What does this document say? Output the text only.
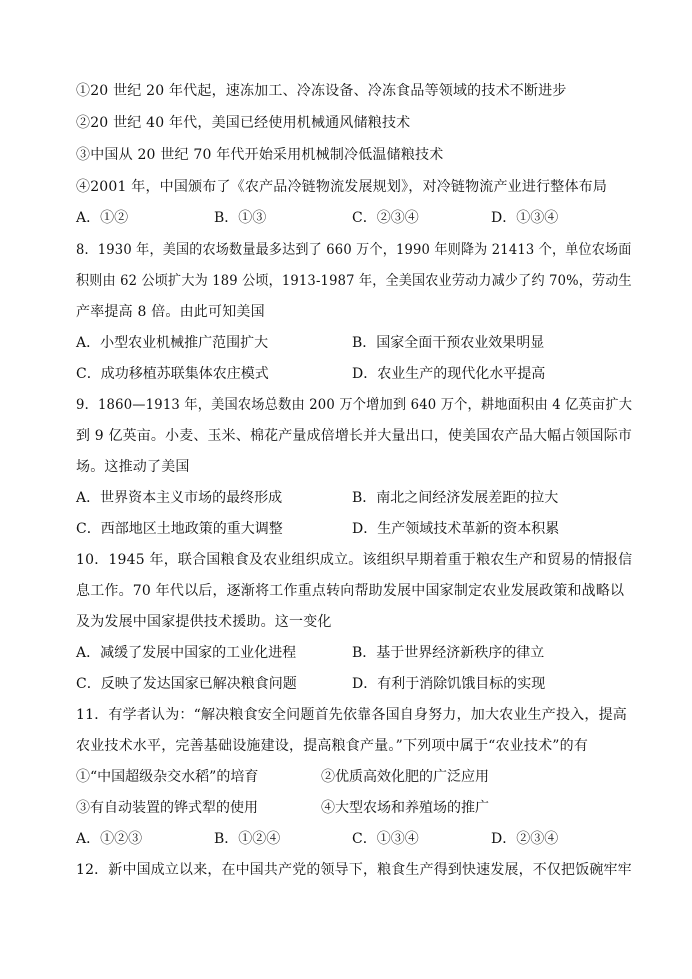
①20 世纪 20 年代起，速冻加工、冷冻设备、冷冻食品等领域的技术不断进步
②20 世纪 40 年代，美国已经使用机械通风储粮技术
③中国从 20 世纪 70 年代开始采用机械制冷低温储粮技术
④2001 年，中国颁布了《农产品冷链物流发展规划》，对冷链物流产业进行整体布局
A．①②	B．①③	C．②③④	D．①③④
8．1930 年，美国的农场数量最多达到了 660 万个，1990 年则降为 21413 个，单位农场面
积则由 62 公顷扩大为 189 公顷，1913-1987 年，全美国农业劳动力减少了约 70%，劳动生
产率提高 8 倍。由此可知美国
A．小型农业机械推广范围扩大	B．国家全面干预农业效果明显
C．成功移植苏联集体农庄模式	D．农业生产的现代化水平提高
9．1860—1913 年，美国农场总数由 200 万个增加到 640 万个，耕地面积由 4 亿英亩扩大
到 9 亿英亩。小麦、玉米、棉花产量成倍增长并大量出口，使美国农产品大幅占领国际市
场。这推动了美国
A．世界资本主义市场的最终形成	B．南北之间经济发展差距的拉大
C．西部地区土地政策的重大调整	D．生产领域技术革新的资本积累
10．1945 年，联合国粮食及农业组织成立。该组织早期着重于粮农生产和贸易的情报信
息工作。70 年代以后，逐渐将工作重点转向帮助发展中国家制定农业发展政策和战略以
及为发展中国家提供技术援助。这一变化
A．减缓了发展中国家的工业化进程	B．基于世界经济新秩序的律立
C．反映了发达国家已解决粮食问题	D．有利于消除饥饿目标的实现
11．有学者认为：“解决粮食安全问题首先依靠各国自身努力，加大农业生产投入，提高
农业技术水平，完善基础设施建设，提高粮食产量。”下列项中属于“农业技术”的有
①“中国超级杂交水稻”的培育	②优质高效化肥的广泛应用
③有自动装置的铧式犁的使用	④大型农场和养殖场的推广
A．①②③	B．①②④	C．①③④	D．②③④
12．新中国成立以来，在中国共产党的领导下，粮食生产得到快速发展，不仅把饭碗牢牢
